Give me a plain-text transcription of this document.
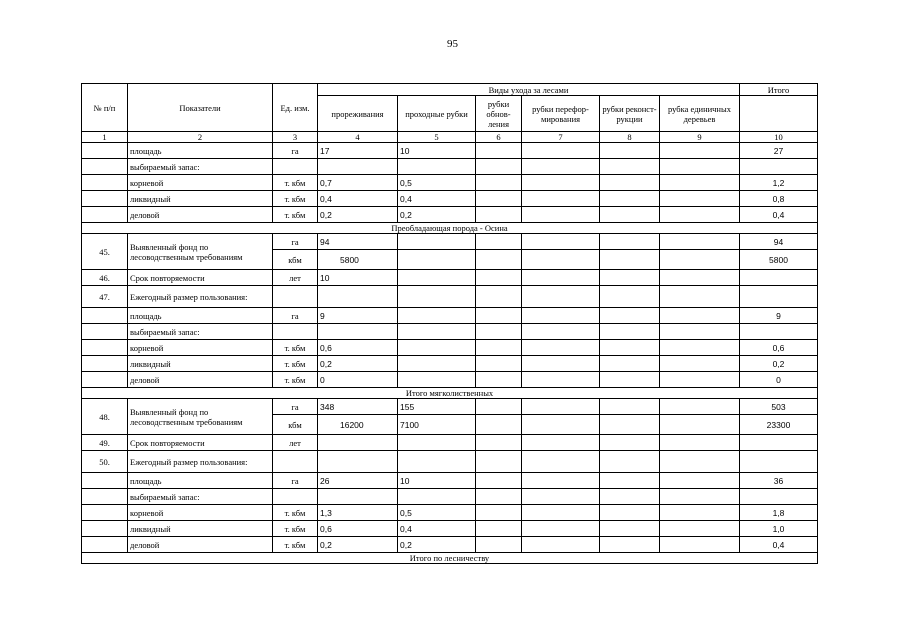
95
№ п/п	Показатели	Ед. изм.	Виды ухода за лесами						Итого
			прореживания	проходные рубки	рубки обнов-ления	рубки перефор-мирования	рубки реконст-рукции	рубка единичных деревьев	
1	2	3	4	5	6	7	8	9	10
	площадь	га	17	10					27
	выбираемый запас:								
	корневой	т. кбм	0,7	0,5					1,2
	ликвидный	т. кбм	0,4	0,4					0,8
	деловой	т. кбм	0,2	0,2					0,4
Преобладающая порода - Осина									
45.	Выявленный фонд по лесоводственным требованиям	га	94						94
		кбм	5800						5800
46.	Срок повторяемости	лет	10						
47.	Ежегодный размер пользования:								
	площадь	га	9						9
	выбираемый запас:								
	корневой	т. кбм	0,6						0,6
	ликвидный	т. кбм	0,2						0,2
	деловой	т. кбм	0						0
Итого мягколиственных									
48.	Выявленный фонд по лесоводственным требованиям	га	348	155					503
		кбм	16200	7100					23300
49.	Срок повторяемости	лет							
50.	Ежегодный размер пользования:								
	площадь	га	26	10					36
	выбираемый запас:								
	корневой	т. кбм	1,3	0,5					1,8
	ликвидный	т. кбм	0,6	0,4					1,0
	деловой	т. кбм	0,2	0,2					0,4
Итого по лесничеству									
